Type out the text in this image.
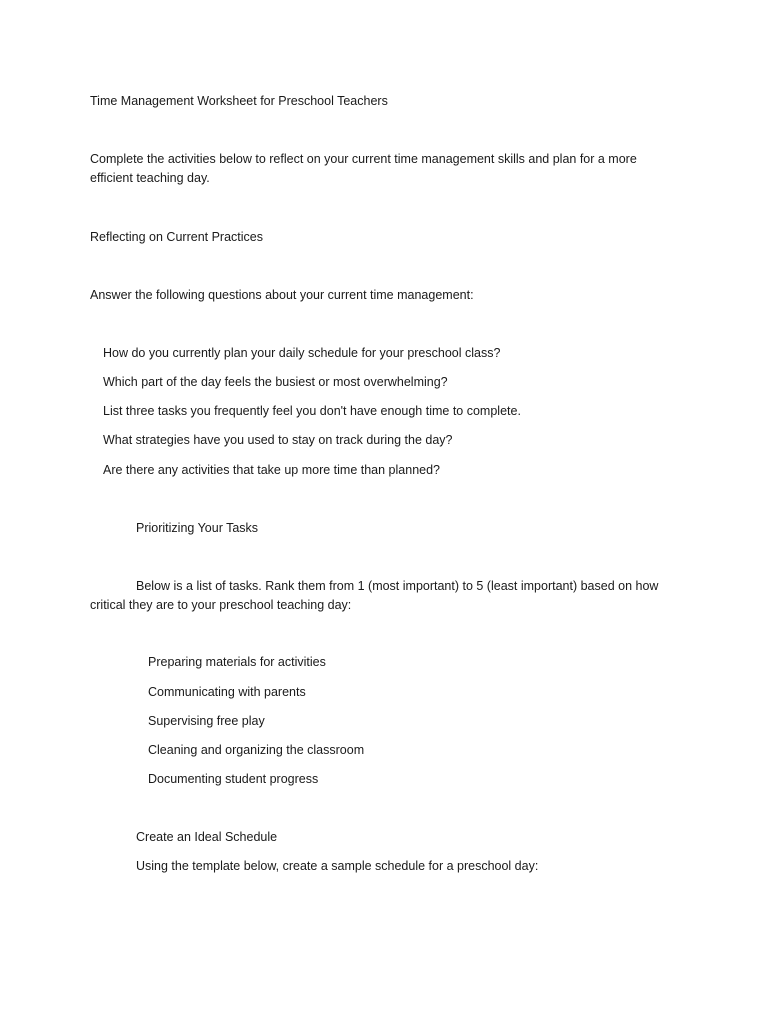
Time Management Worksheet for Preschool Teachers
Complete the activities below to reflect on your current time management skills and plan for a more efficient teaching day.
Reflecting on Current Practices
Answer the following questions about your current time management:
How do you currently plan your daily schedule for your preschool class?
Which part of the day feels the busiest or most overwhelming?
List three tasks you frequently feel you don't have enough time to complete.
What strategies have you used to stay on track during the day?
Are there any activities that take up more time than planned?
Prioritizing Your Tasks
Below is a list of tasks. Rank them from 1 (most important) to 5 (least important) based on how critical they are to your preschool teaching day:
Preparing materials for activities
Communicating with parents
Supervising free play
Cleaning and organizing the classroom
Documenting student progress
Create an Ideal Schedule
Using the template below, create a sample schedule for a preschool day:
